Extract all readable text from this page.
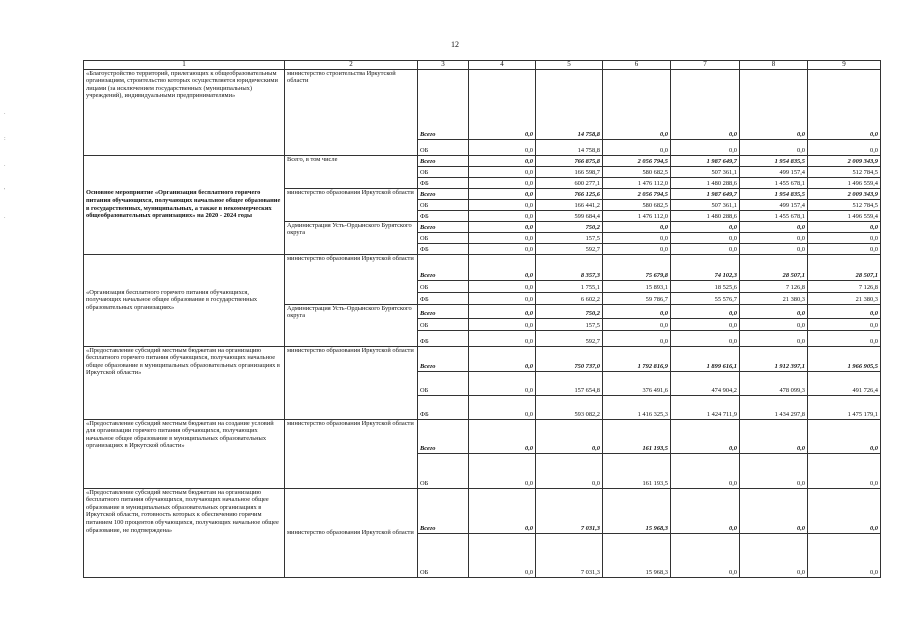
12
.
:
.
'
.
1	2	3	4	5	6	7	8	9
«Благоустройство территорий, прилегающих к общеобразовательным организациям, строительство которых осуществляется юридическими лицами (за исключением государственных (муниципальных) учреждений), индивидуальными предпринимателями»	министерство строительства Иркутской области	Всего	0,0	14 758,8	0,0	0,0	0,0	0,0
		ОБ	0,0	14 758,8	0,0	0,0	0,0	0,0
Основное мероприятие «Организация бесплатного горячего питания обучающихся, получающих начальное общее образование в государственных, муниципальных, а также в некоммерческих общеобразовательных организациях» на 2020 - 2024 годы	Всего, в том числе	Всего	0,0	766 875,8	2 056 794,5	1 987 649,7	1 954 835,5	2 009 343,9
		ОБ	0,0	166 598,7	580 682,5	507 361,1	499 157,4	512 784,5
		ФБ	0,0	600 277,1	1 476 112,0	1 480 288,6	1 455 678,1	1 496 559,4
	министерство образования Иркутской области	Всего	0,0	766 125,6	2 056 794,5	1 987 649,7	1 954 835,5	2 009 343,9
		ОБ	0,0	166 441,2	580 682,5	507 361,1	499 157,4	512 784,5
		ФБ	0,0	599 684,4	1 476 112,0	1 480 288,6	1 455 678,1	1 496 559,4
	Администрация Усть-Ордынского Бурятского округа	Всего	0,0	750,2	0,0	0,0	0,0	0,0
		ОБ	0,0	157,5	0,0	0,0	0,0	0,0
		ФБ	0,0	592,7	0,0	0,0	0,0	0,0
«Организация бесплатного горячего питания обучающихся, получающих начальное общее образование в государственных образовательных организациях»	министерство образования Иркутской области	Всего	0,0	8 357,3	75 679,8	74 102,3	28 507,1	28 507,1
		ОБ	0,0	1 755,1	15 893,1	18 525,6	7 126,8	7 126,8
		ФБ	0,0	6 602,2	59 786,7	55 576,7	21 380,3	21 380,3
	Администрация Усть-Ордынского Бурятского округа	Всего	0,0	750,2	0,0	0,0	0,0	0,0
		ОБ	0,0	157,5	0,0	0,0	0,0	0,0
		ФБ	0,0	592,7	0,0	0,0	0,0	0,0
«Предоставление субсидий местным бюджетам на организацию бесплатного горячего питания обучающихся, получающих начальное общее образование в муниципальных образовательных организациях в Иркутской области»	министерство образования Иркутской области	Всего	0,0	750 737,0	1 792 816,9	1 899 616,1	1 912 397,1	1 966 905,5
		ОБ	0,0	157 654,8	376 491,6	474 904,2	478 099,3	491 726,4
		ФБ	0,0	593 082,2	1 416 325,3	1 424 711,9	1 434 297,8	1 475 179,1
«Предоставление субсидий местным бюджетам на создание условий для организации горячего питания обучающихся, получающих начальное общее образование в муниципальных образовательных организациях в Иркутской области»	министерство образования Иркутской области	Всего	0,0	0,0	161 193,5	0,0	0,0	0,0
		ОБ	0,0	0,0	161 193,5	0,0	0,0	0,0
«Предоставление субсидий местным бюджетам на организацию бесплатного питания обучающихся, получающих начальное общее образование в муниципальных образовательных организациях в Иркутской области, готовность которых к обеспечению горячим питанием 100 процентов обучающихся, получающих начальное общее образование, не подтверждена»	министерство образования Иркутской области	Всего	0,0	7 031,3	15 968,3	0,0	0,0	0,0
		ОБ	0,0	7 031,3	15 968,3	0,0	0,0	0,0
